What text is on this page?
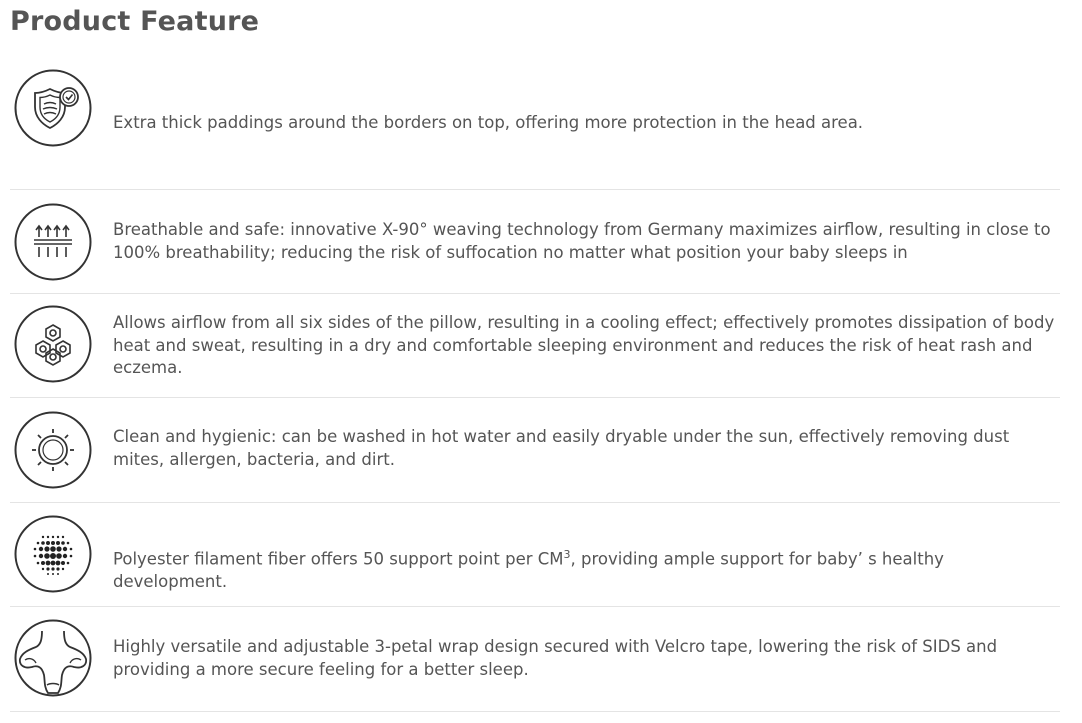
Product Feature

Extra thick paddings around the borders on top, offering more protection in the head area.

Breathable and safe: innovative X-90° weaving technology from Germany maximizes airflow, resulting in close to 100% breathability; reducing the risk of suffocation no matter what position your baby sleeps in

Allows airflow from all six sides of the pillow, resulting in a cooling effect; effectively promotes dissipation of body heat and sweat, resulting in a dry and comfortable sleeping environment and reduces the risk of heat rash and eczema.

Clean and hygienic: can be washed in hot water and easily dryable under the sun, effectively removing dust mites, allergen, bacteria, and dirt.

Polyester filament fiber offers 50 support point per $CM^3$, providing ample support for baby’ s healthy development.

Highly versatile and adjustable 3-petal wrap design secured with Velcro tape, lowering the risk of SIDS and providing a more secure feeling for a better sleep.
